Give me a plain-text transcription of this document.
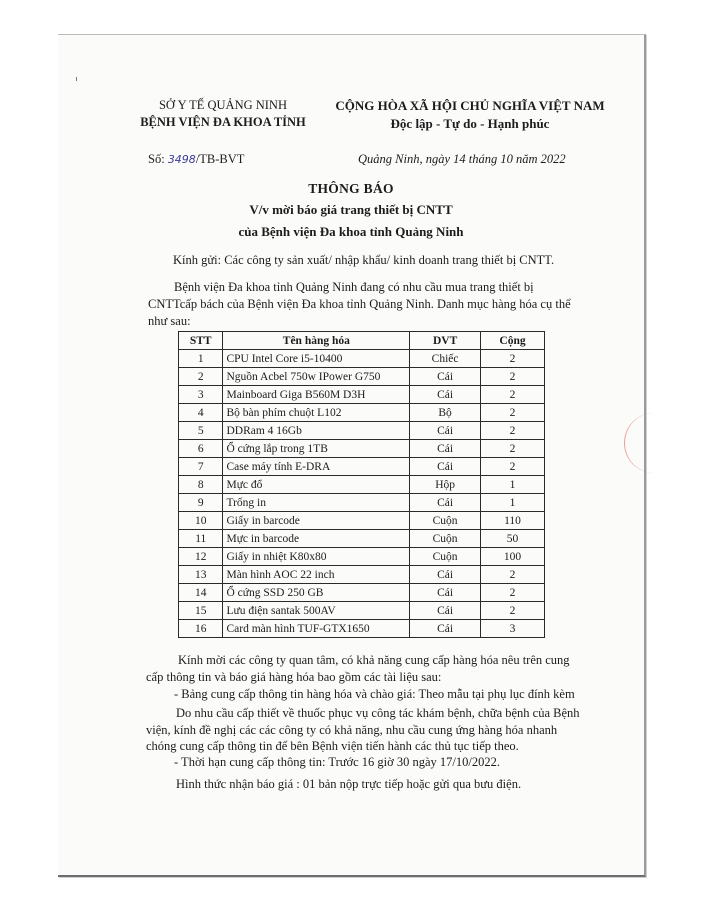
SỞ Y TẾ QUẢNG NINH
BỆNH VIỆN ĐA KHOA TỈNH
CỘNG HÒA XÃ HỘI CHỦ NGHĨA VIỆT NAM
Độc lập - Tự do - Hạnh phúc
Số: 3498/TB-BVT	Quảng Ninh, ngày 14 tháng 10 năm 2022
THÔNG BÁO
V/v mời báo giá trang thiết bị CNTT
của Bệnh viện Đa khoa tỉnh Quảng Ninh
Kính gửi: Các công ty sản xuất/ nhập khẩu/ kinh doanh trang thiết bị CNTT.
Bệnh viện Đa khoa tỉnh Quảng Ninh đang có nhu cầu mua trang thiết bị CNTTcấp bách của Bệnh viện Đa khoa tỉnh Quảng Ninh. Danh mục hàng hóa cụ thể như sau:
STT	Tên hàng hóa	DVT	Cộng
1	CPU Intel Core i5-10400	Chiếc	2
2	Nguồn Acbel 750w IPower G750	Cái	2
3	Mainboard Giga B560M D3H	Cái	2
4	Bộ bàn phím chuột L102	Bộ	2
5	DDRam 4 16Gb	Cái	2
6	Ổ cứng lắp trong 1TB	Cái	2
7	Case máy tính E-DRA	Cái	2
8	Mực đổ	Hộp	1
9	Trống in	Cái	1
10	Giấy in barcode	Cuộn	110
11	Mực in barcode	Cuộn	50
12	Giấy in nhiệt K80x80	Cuộn	100
13	Màn hình AOC 22 inch	Cái	2
14	Ổ cứng SSD 250 GB	Cái	2
15	Lưu điện santak 500AV	Cái	2
16	Card màn hình TUF-GTX1650	Cái	3
Kính mời các công ty quan tâm, có khả năng cung cấp hàng hóa nêu trên cung cấp thông tin và báo giá hàng hóa bao gồm các tài liệu sau:
- Bảng cung cấp thông tin hàng hóa và chào giá: Theo mẫu tại phụ lục đính kèm
Do nhu cầu cấp thiết về thuốc phục vụ công tác khám bệnh, chữa bệnh của Bệnh viện, kính đề nghị các các công ty có khả năng, nhu cầu cung ứng hàng hóa nhanh chóng cung cấp thông tin để bên Bệnh viện tiến hành các thủ tục tiếp theo.
- Thời hạn cung cấp thông tin: Trước 16 giờ 30 ngày 17/10/2022.
Hình thức nhận báo giá : 01 bản nộp trực tiếp hoặc gửi qua bưu điện.
